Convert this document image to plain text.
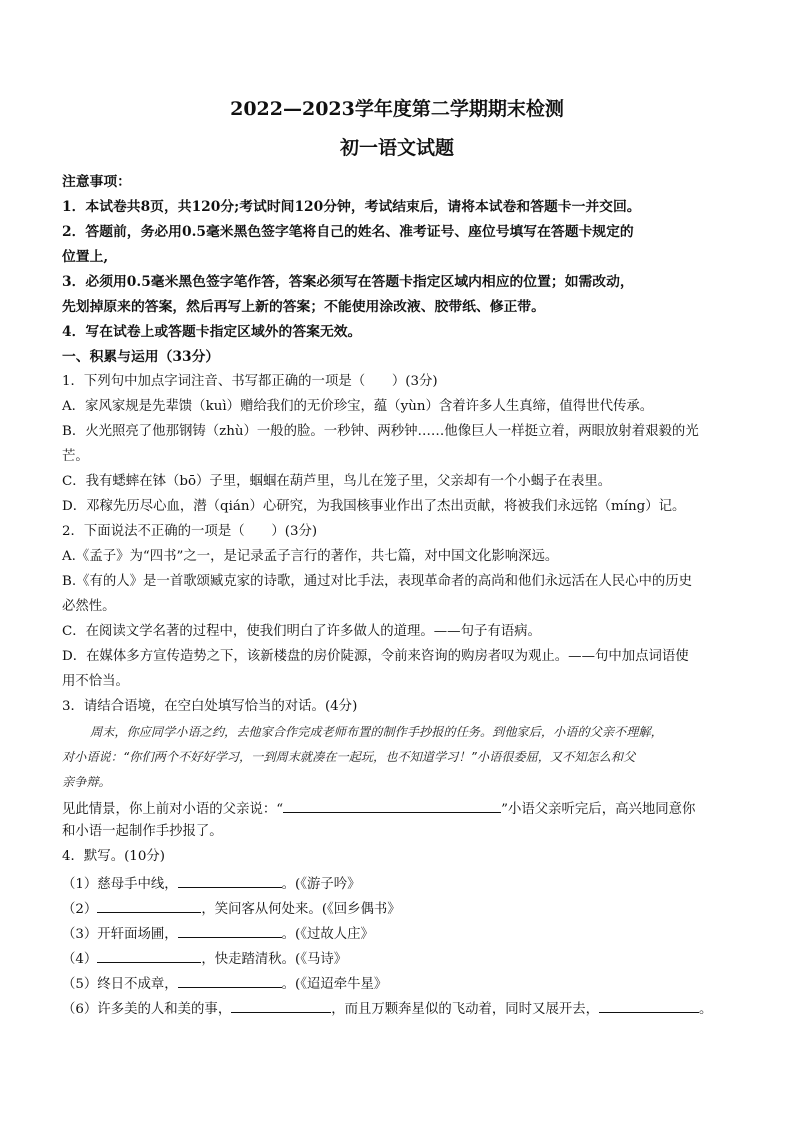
2022—2023学年度第二学期期末检测
初一语文试题
注意事项：
1．本试卷共8页，共120分;考试时间120分钟，考试结束后，请将本试卷和答题卡一并交回。
2．答题前，务必用0.5毫米黑色签字笔将自己的姓名、准考证号、座位号填写在答题卡规定的
位置上,
3．必须用0.5毫米黑色签字笔作答，答案必须写在答题卡指定区域内相应的位置；如需改动，
先划掉原来的答案，然后再写上新的答案；不能使用涂改液、胶带纸、修正带。
4．写在试卷上或答题卡指定区域外的答案无效。
一、积累与运用（33分）
1．下列句中加点字词注音、书写都正确的一项是（　　）(3分)
A．家风家规是先辈馈（kuì）赠给我们的无价珍宝，蕴（yùn）含着许多人生真缔，值得世代传承。
B．火光照亮了他那钢铸（zhù）一般的脸。一秒钟、两秒钟……他像巨人一样挺立着，两眼放射着艰毅的光
芒。
C．我有蟋蟀在钵（bō）子里，蝈蝈在葫芦里，鸟儿在笼子里，父亲却有一个小蝎子在表里。
D．邓稼先历尽心血，潜（qián）心研究，为我国核事业作出了杰出贡献，将被我们永远铭（míng）记。
2．下面说法不正确的一项是（　　）(3分)
A.《孟子》为“四书”之一，是记录孟子言行的著作，共七篇，对中国文化影响深远。
B.《有的人》是一首歌颂臧克家的诗歌，通过对比手法，表现革命者的高尚和他们永远活在人民心中的历史
必然性。
C．在阅读文学名著的过程中，使我们明白了许多做人的道理。——句子有语病。
D．在媒体多方宣传造势之下，该新楼盘的房价陡源，令前来咨询的购房者叹为观止。——句中加点词语使
用不恰当。
3．请结合语境，在空白处填写恰当的对话。(4分)
周末，你应同学小语之约，去他家合作完成老师布置的制作手抄报的任务。到他家后，小语的父亲不理解，
对小语说：“你们两个不好好学习，一到周末就凑在一起玩，也不知道学习！”小语很委屈，又不知怎么和父
亲争辩。
见此情景，你上前对小语的父亲说：“	”小语父亲听完后，高兴地同意你
和小语一起制作手抄报了。
4．默写。(10分)
（1）慈母手中线，	。(《游子吟》
（2）	，笑问客从何处来。(《回乡偶书》
（3）开轩面场圃，	。(《过故人庄》
（4）	，快走踏清秋。(《马诗》
（5）终日不成章，	。(《迢迢牵牛星》
（6）许多美的人和美的事，	，而且万颗奔星似的飞动着，同时又展开去，	。
